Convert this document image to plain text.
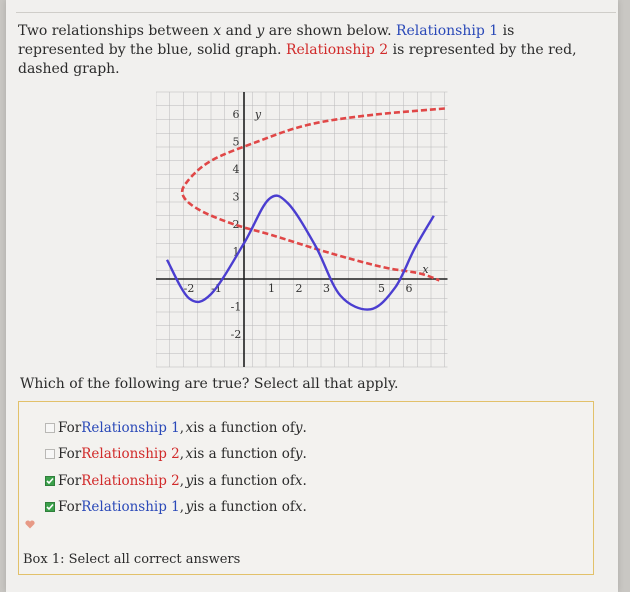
Two relationships between x and y are shown below. Relationship 1 is represented by the blue, solid graph. Relationship 2 is represented by the red, dashed graph.
-2 -1	1 2 3	5 6
6
5
4
3
2
1
-1
-2
y
x
Which of the following are true? Select all that apply.
For Relationship 1 ,
  x is a function of y .
For Relationship 2 ,
  x is a function of y .
For Relationship 2 ,
  y is a function of x .
For Relationship 1 ,
  y is a function of x .
Box 1: Select all correct answers
